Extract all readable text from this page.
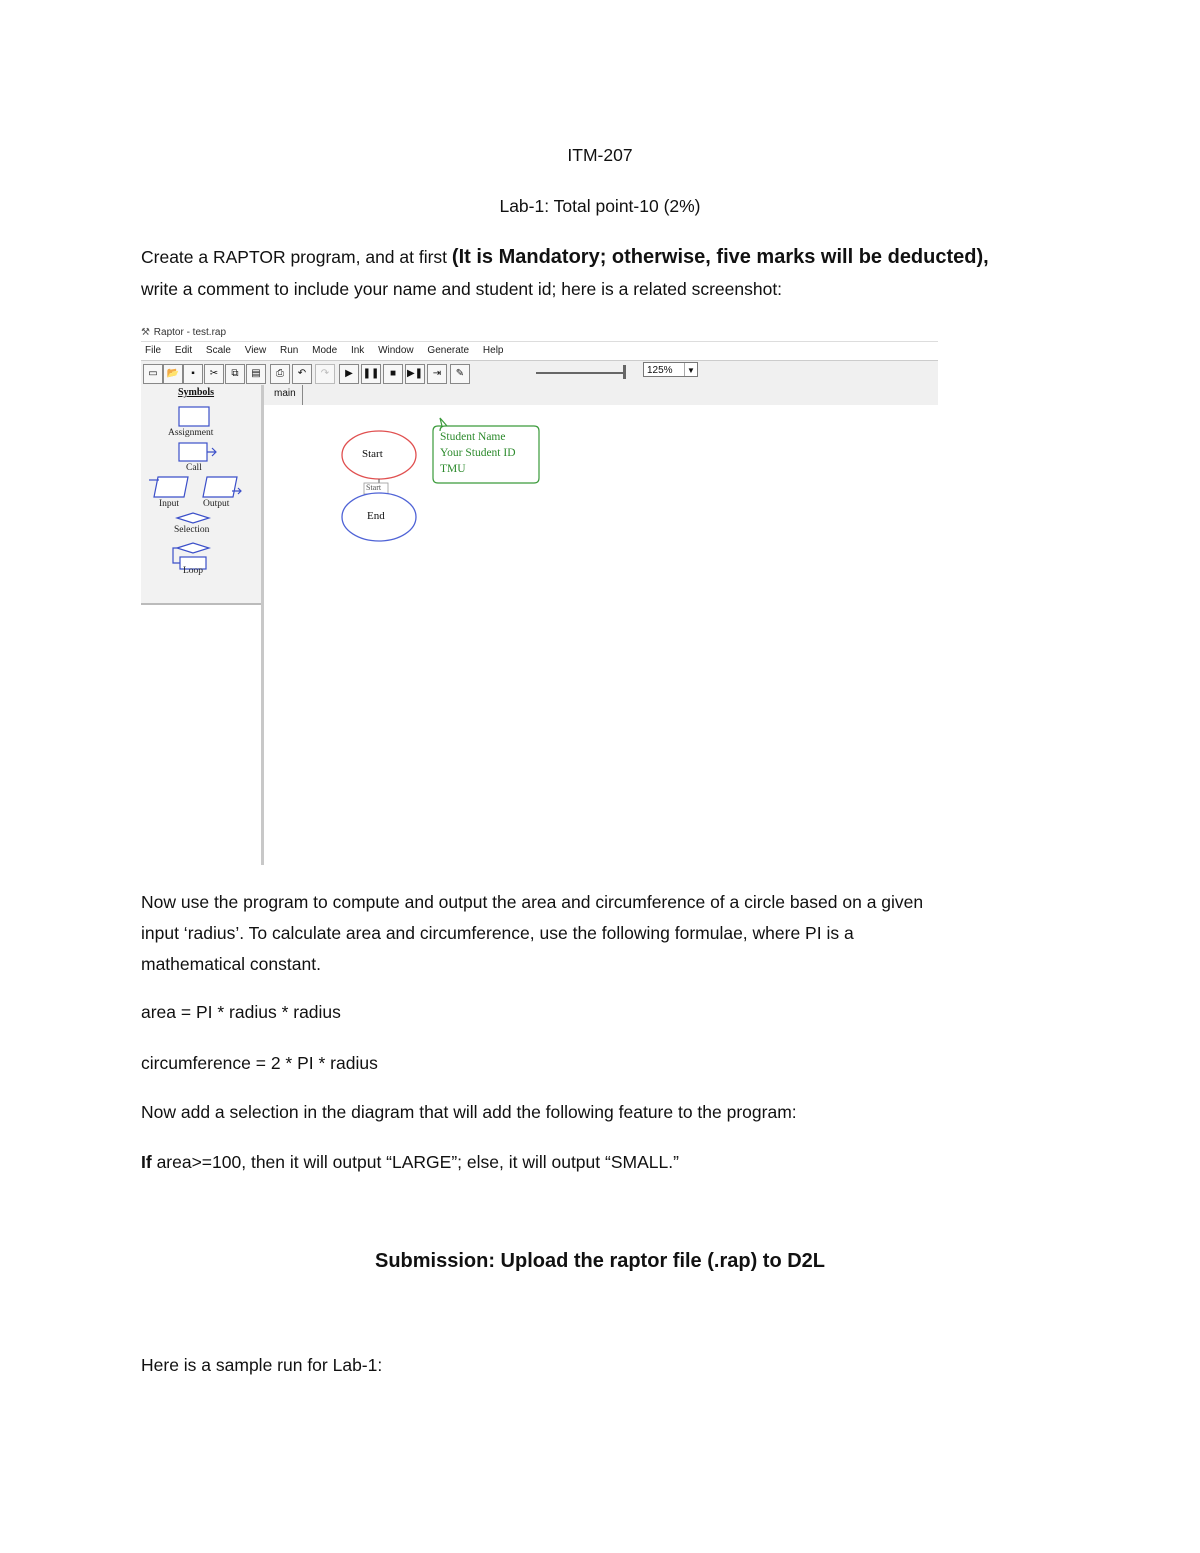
ITM-207
Lab-1: Total point-10 (2%)
Create a RAPTOR program, and at first (It is Mandatory; otherwise, five marks will be deducted),
write a comment to include your name and student id; here is a related screenshot:
⚒ Raptor - test.rap
File Edit Scale View Run Mode Ink Window Generate Help
▭ 📂	▪	✂	⧉	▤	⎙	↶	↷	▶ ❚❚	■	▶❚ ⇥	✎	125%	▼
Symbols
Assignment
Call
Input	Output
Selection
Loop
main
Start
Start
End
Student Name
Your Student ID
TMU
Now use the program to compute and output the area and circumference of a circle based on a given
input ‘radius’. To calculate area and circumference, use the following formulae, where PI is a
mathematical constant.
area = PI * radius * radius
circumference = 2 * PI * radius
Now add a selection in the diagram that will add the following feature to the program:
If area>=100, then it will output “LARGE”; else, it will output “SMALL.”
Submission: Upload the raptor file (.rap) to D2L
Here is a sample run for Lab-1:
